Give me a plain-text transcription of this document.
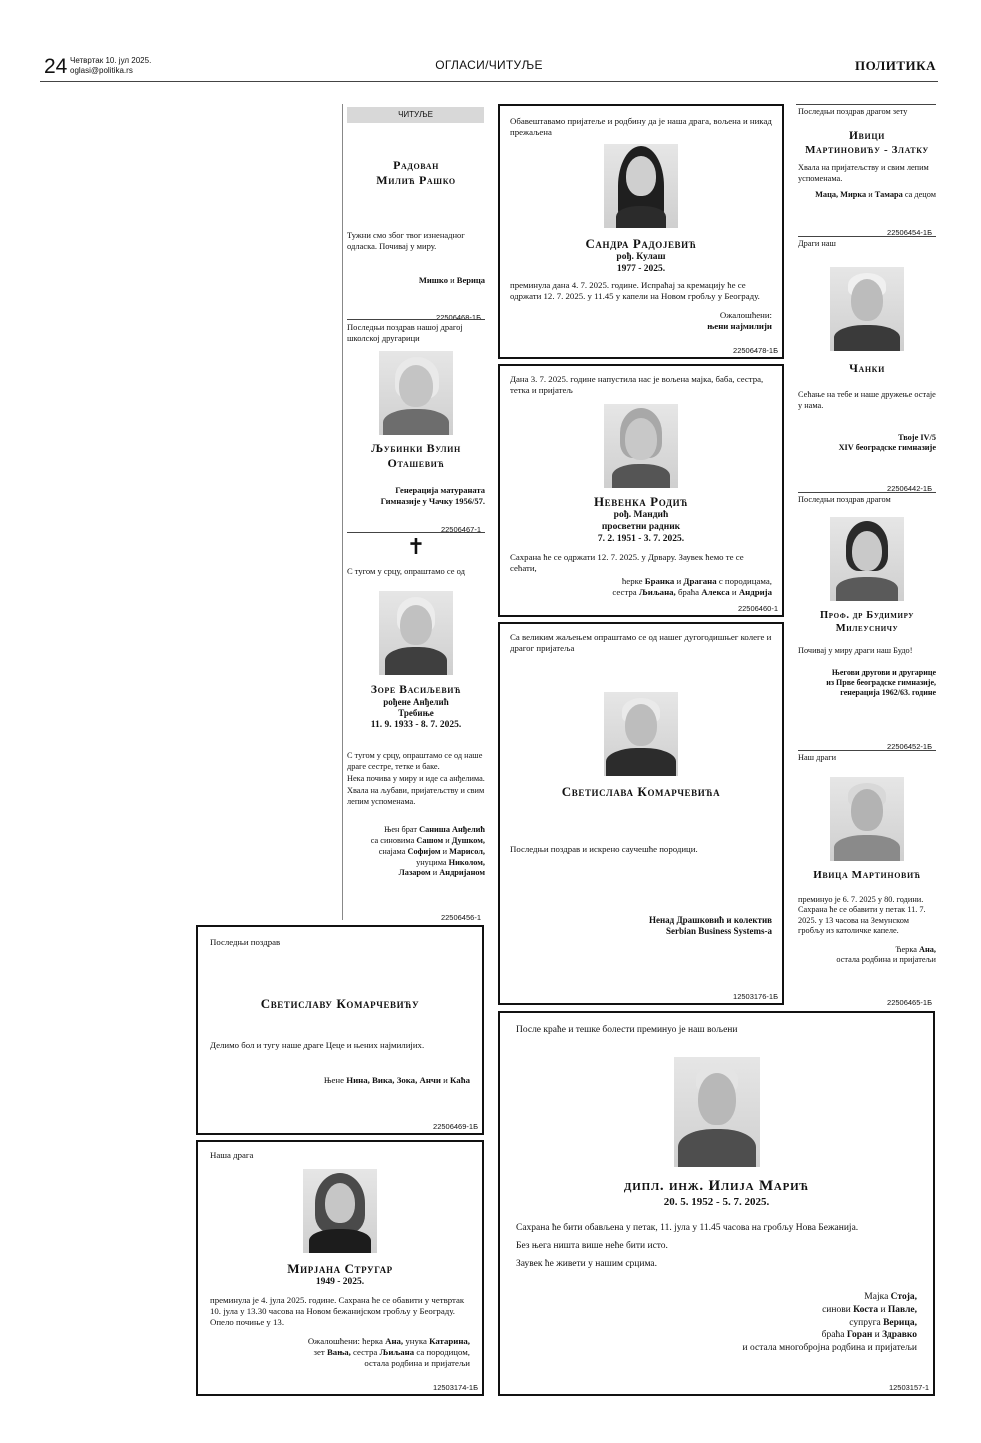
24 Четвртак 10. јул 2025.
oglasi@politika.rs	ОГЛАСИ/ЧИТУЉЕ	ПОЛИТИКА
ЧИТУЉЕ
Радован
Милић Рашко

Тужни смо због твог изненадног одласка. Почивај у миру.

Мишко и Верица
22506468-1Б

Последњи поздрав нашој драгој школској другарици

Љубинки Вулин
Оташевић
Генерација матураната
Гимназије у Чачку 1956/57.
22506467-1
✝

С тугом у срцу, опраштамо се од

Зоре Васиљевић
рођене Анђелић
Требиње
11. 9. 1933 - 8. 7. 2025.

С тугом у срцу, опраштамо се од наше драге сестре, тетке и баке.

Нека почива у миру и иде са анђелима.

Хвала на љубави, пријатељству и свим лепим успоменама.

Њен брат Саниша Анђелић
са синовима Сашом и Душком,
снајама Софијом и Марисол,
унуцима Николом,
Лазаром и Андријаном
22506456-1

Обавештавамо пријатеље и родбину да је наша драга, вољена и никад прежаљена

Сандра Радојевић
рођ. Кулаш
1977 - 2025.

преминула дана 4. 7. 2025. године. Испраћај за кремацију ће се одржати 12. 7. 2025. у 11.45 у капели на Новом гробљу у Београду.

Ожалошћени:
њени најмилији
22506478-1Б

Дана 3. 7. 2025. године напустила нас је вољена мајка, баба, сестра, тетка и пријатељ

Невенка Родић
рођ. Мандић
просветни радник
7. 2. 1951 - 3. 7. 2025.

Сахрана ће се одржати 12. 7. 2025. у Дрвару. Заувек ћемо те се сећати,

ћерке Бранка и Драгана с породицама,
сестра Љиљана, браћа Алекса и Андрија
22506460-1

Са великим жаљењем опраштамо се од нашег дугогодишњег колеге и драгог пријатеља

Светислава Комарчевића

Последњи поздрав и искрено саучешће породици.

Ненад Драшковић и колектив
Serbian Business Systems-a
12503176-1Б

Последњи поздрав

Светиславу Комарчевићу

Делимо бол и тугу наше драге Цеце и њених најмилијих.

Њене Нина, Вика, Зока, Анчи и Каћа
22506469-1Б

Наша драга

Мирјана Стругар
1949 - 2025.

преминула је 4. јула 2025. године. Сахрана ће се обавити у четвртак 10. јула у 13.30 часова на Новом бежанијском гробљу у Београду. Опело почиње у 13.

Ожалошћени: ћерка Ана, унука Катарина,
зет Вања, сестра Љиљана са породицом,
остала родбина и пријатељи
12503174-1Б

После краће и тешке болести преминуо је наш вољени

дипл. инж. Илија Марић
20. 5. 1952 - 5. 7. 2025.

Сахрана ће бити обављена у петак, 11. јула у 11.45 часова на гробљу Нова Бежанија.

Без њега ништа више неће бити исто.

Заувек ће живети у нашим срцима.

Мајка Стоја,
синови Коста и Павле,
супруга Верица,
браћа Горан и Здравко
и остала многобројна родбина и пријатељи
12503157-1

Последњи поздрав драгом зету

Ивици
Мартиновићу - Златку

Хвала на пријатељству и свим лепим успоменама.

Маца, Мирка и Тамара са децом
22506454-1Б

Драги наш

Чанки

Сећање на тебе и наше дружење остаје у нама.

Твоје IV/5
XIV београдске гимназије
22506442-1Б

Последњи поздрав драгом

Проф. др Будимиру
Милеусничу

Почивај у миру драги наш Будо!

Његови другови и другарице
из Прве београдске гимназије,
генерација 1962/63. године
22506452-1Б

Наш драги

Ивица Мартиновић

преминуо је 6. 7. 2025 у 80. години. Сахрана ће се обавити у петак 11. 7. 2025. у 13 часова на Земунском гробљу из католичке капеле.

Ћерка Ана,
остала родбина и пријатељи
22506465-1Б
